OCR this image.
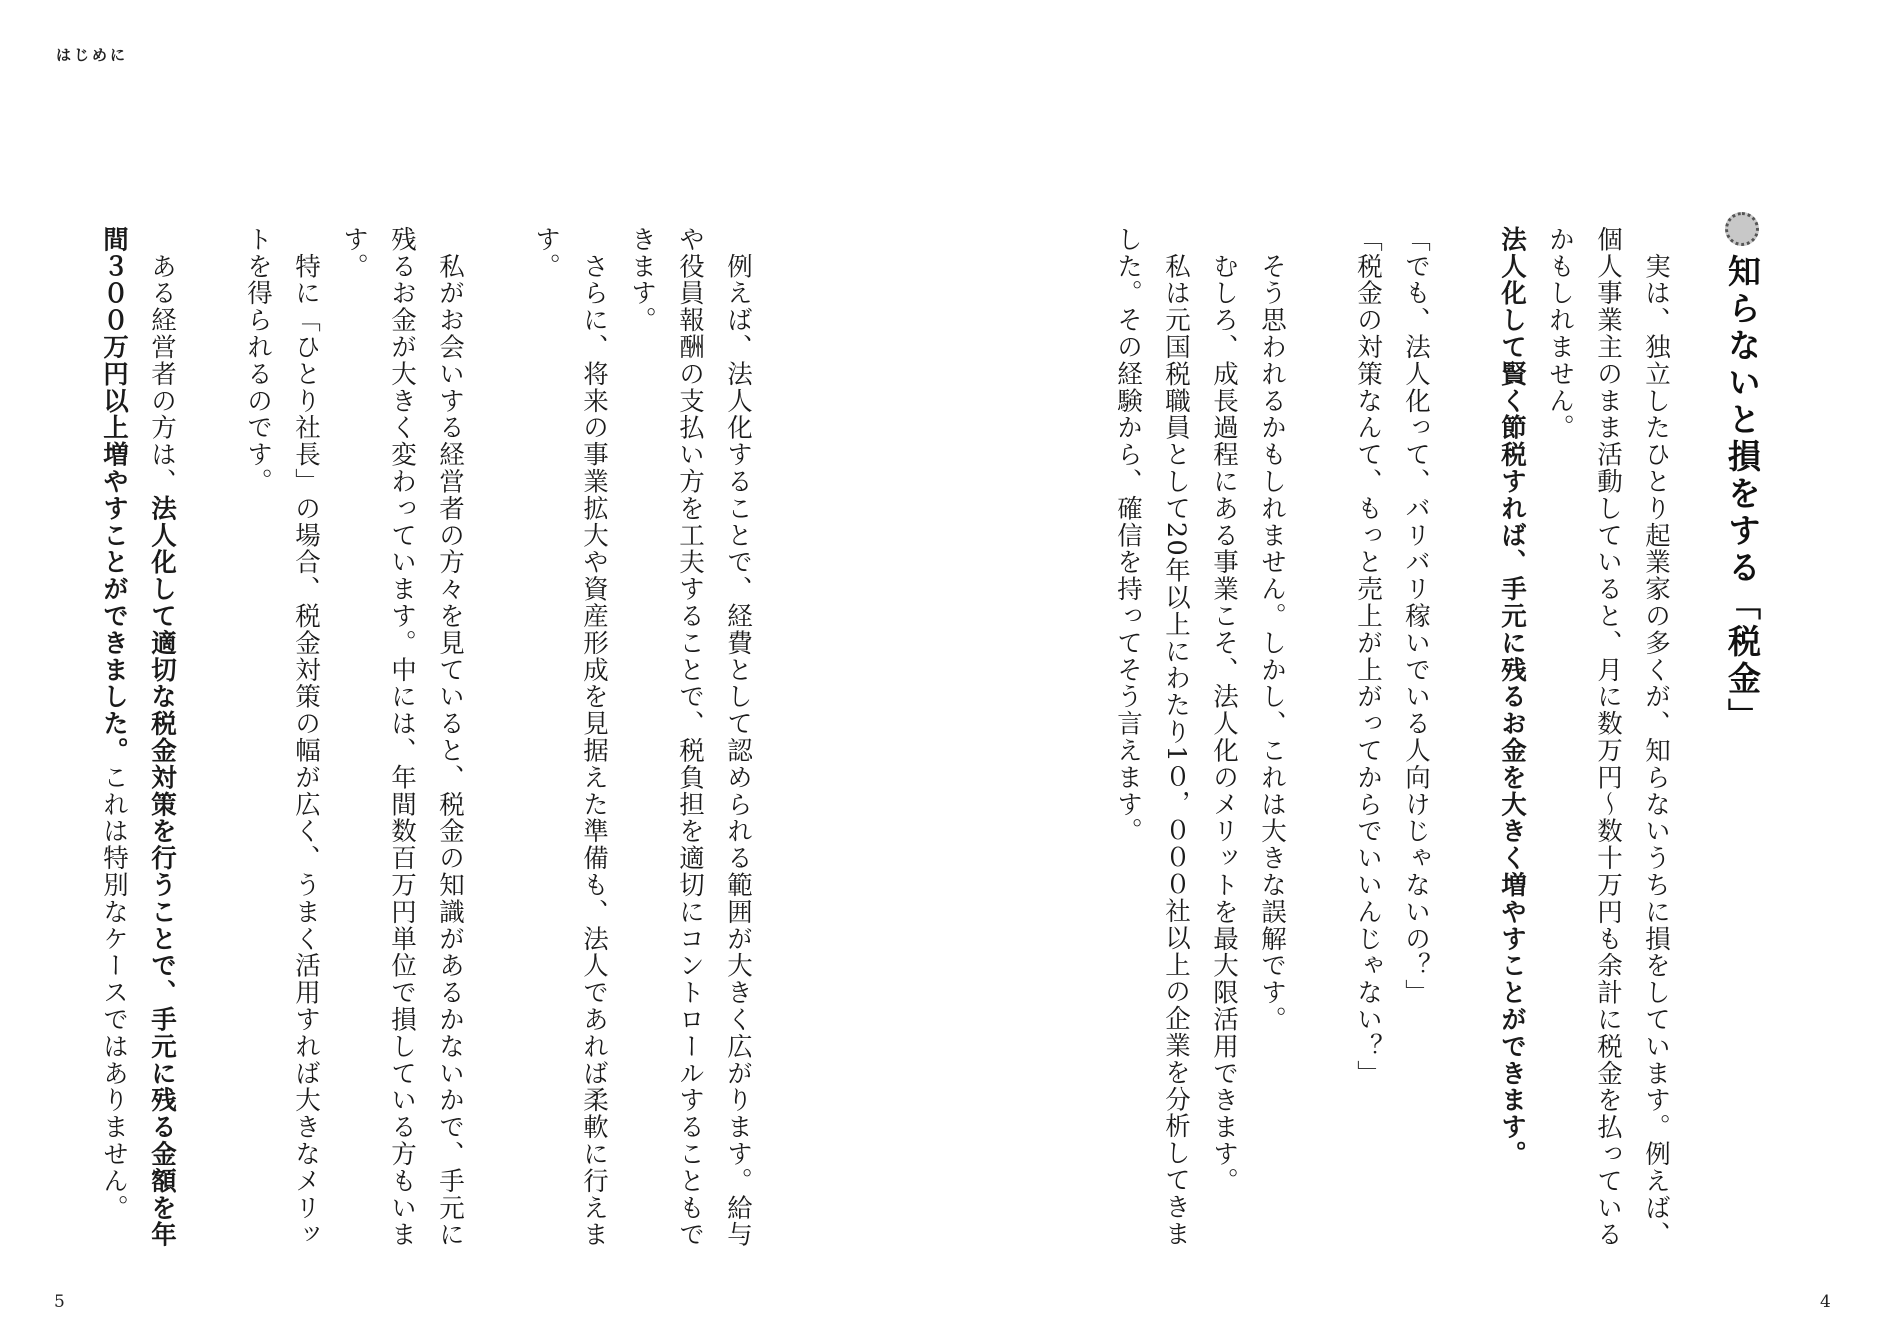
はじめに
知らないと損をする「税金」

　実は、独立したひとり起業家の多くが、知らないうちに損をしています。例えば、個人事業主のまま活動していると、月に数万円〜数十万円も余計に税金を払っているかもしれません。

法人化して賢く節税すれば、手元に残るお金を大きく増やすことができます。

「でも、法人化って、バリバリ稼いでいる人向けじゃないの？」

「税金の対策なんて、もっと売上が上がってからでいいんじゃない？」

　そう思われるかもしれません。しかし、これは大きな誤解です。

　むしろ、成長過程にある事業こそ、法人化のメリットを最大限活用できます。

　私は元国税職員として20年以上にわたり1０，０００社以上の企業を分析してきました。その経験から、確信を持ってそう言えます。

　例えば、法人化することで、経費として認められる範囲が大きく広がります。給与や役員報酬の支払い方を工夫することで、税負担を適切にコントロールすることもできます。

　さらに、将来の事業拡大や資産形成を見据えた準備も、法人であれば柔軟に行えます。

　私がお会いする経営者の方々を見ていると、税金の知識があるかないかで、手元に残るお金が大きく変わっています。中には、年間数百万円単位で損している方もいます。

　特に「ひとり社長」の場合、税金対策の幅が広く、うまく活用すれば大きなメリットを得られるのです。

　ある経営者の方は、法人化して適切な税金対策を行うことで、手元に残る金額を年間３００万円以上増やすことができました。これは特別なケースではありません。

5	4
